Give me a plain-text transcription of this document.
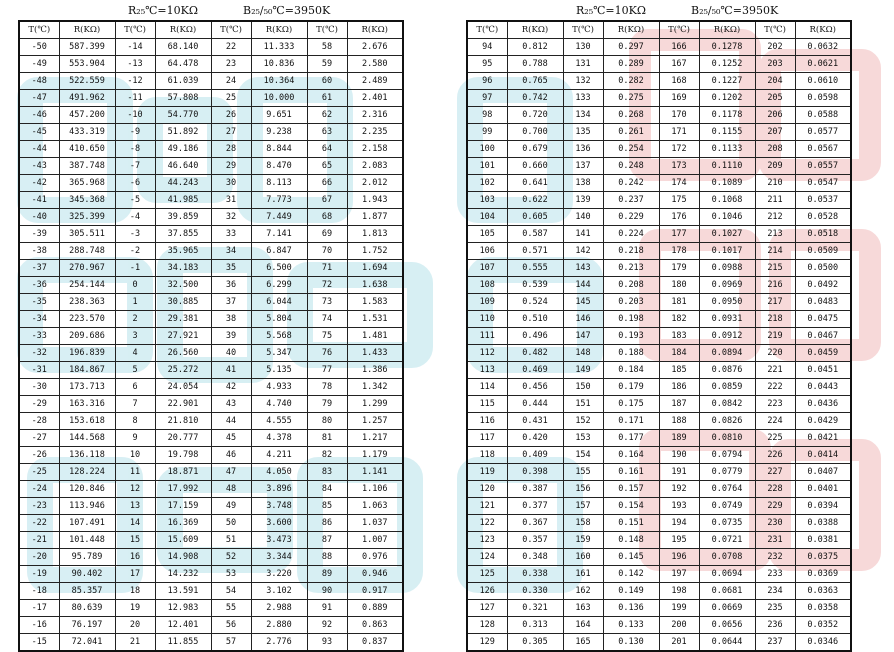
R₂₅℃=10KΩ	B₂₅/₅₀℃=3950K
T(℃)	R(KΩ)	T(℃)	R(KΩ)	T(℃)	R(KΩ)	T(℃)	R(KΩ)
-50	587.399	-14	68.140	22	11.333	58	2.676
-49	553.904	-13	64.478	23	10.836	59	2.580
-48	522.559	-12	61.039	24	10.364	60	2.489
-47	491.962	-11	57.808	25	10.000	61	2.401
-46	457.200	-10	54.770	26	9.651	62	2.316
-45	433.319	-9	51.892	27	9.238	63	2.235
-44	410.650	-8	49.186	28	8.844	64	2.158
-43	387.748	-7	46.640	29	8.470	65	2.083
-42	365.968	-6	44.243	30	8.113	66	2.012
-41	345.368	-5	41.985	31	7.773	67	1.943
-40	325.399	-4	39.859	32	7.449	68	1.877
-39	305.511	-3	37.855	33	7.141	69	1.813
-38	288.748	-2	35.965	34	6.847	70	1.752
-37	270.967	-1	34.183	35	6.500	71	1.694
-36	254.144	0	32.500	36	6.299	72	1.638
-35	238.363	1	30.885	37	6.044	73	1.583
-34	223.570	2	29.381	38	5.804	74	1.531
-33	209.686	3	27.921	39	5.568	75	1.481
-32	196.839	4	26.560	40	5.347	76	1.433
-31	184.867	5	25.272	41	5.135	77	1.386
-30	173.713	6	24.054	42	4.933	78	1.342
-29	163.316	7	22.901	43	4.740	79	1.299
-28	153.618	8	21.810	44	4.555	80	1.257
-27	144.568	9	20.777	45	4.378	81	1.217
-26	136.118	10	19.798	46	4.211	82	1.179
-25	128.224	11	18.871	47	4.050	83	1.141
-24	120.846	12	17.992	48	3.896	84	1.106
-23	113.946	13	17.159	49	3.748	85	1.063
-22	107.491	14	16.369	50	3.600	86	1.037
-21	101.448	15	15.609	51	3.473	87	1.007
-20	95.789	16	14.908	52	3.344	88	0.976
-19	90.402	17	14.232	53	3.220	89	0.946
-18	85.357	18	13.591	54	3.102	90	0.917
-17	80.639	19	12.983	55	2.988	91	0.889
-16	76.197	20	12.401	56	2.880	92	0.863
-15	72.041	21	11.855	57	2.776	93	0.837
R₂₅℃=10KΩ	B₂₅/₅₀℃=3950K
T(℃)	R(KΩ)	T(℃)	R(KΩ)	T(℃)	R(KΩ)	T(℃)	R(KΩ)
94	0.812	130	0.297	166	0.1278	202	0.0632
95	0.788	131	0.289	167	0.1252	203	0.0621
96	0.765	132	0.282	168	0.1227	204	0.0610
97	0.742	133	0.275	169	0.1202	205	0.0598
98	0.720	134	0.268	170	0.1178	206	0.0588
99	0.700	135	0.261	171	0.1155	207	0.0577
100	0.679	136	0.254	172	0.1133	208	0.0567
101	0.660	137	0.248	173	0.1110	209	0.0557
102	0.641	138	0.242	174	0.1089	210	0.0547
103	0.622	139	0.237	175	0.1068	211	0.0537
104	0.605	140	0.229	176	0.1046	212	0.0528
105	0.587	141	0.224	177	0.1027	213	0.0518
106	0.571	142	0.218	178	0.1017	214	0.0509
107	0.555	143	0.213	179	0.0988	215	0.0500
108	0.539	144	0.208	180	0.0969	216	0.0492
109	0.524	145	0.203	181	0.0950	217	0.0483
110	0.510	146	0.198	182	0.0931	218	0.0475
111	0.496	147	0.193	183	0.0912	219	0.0467
112	0.482	148	0.188	184	0.0894	220	0.0459
113	0.469	149	0.184	185	0.0876	221	0.0451
114	0.456	150	0.179	186	0.0859	222	0.0443
115	0.444	151	0.175	187	0.0842	223	0.0436
116	0.431	152	0.171	188	0.0826	224	0.0429
117	0.420	153	0.177	189	0.0810	225	0.0421
118	0.409	154	0.164	190	0.0794	226	0.0414
119	0.398	155	0.161	191	0.0779	227	0.0407
120	0.387	156	0.157	192	0.0764	228	0.0401
121	0.377	157	0.154	193	0.0749	229	0.0394
122	0.367	158	0.151	194	0.0735	230	0.0388
123	0.357	159	0.148	195	0.0721	231	0.0381
124	0.348	160	0.145	196	0.0708	232	0.0375
125	0.338	161	0.142	197	0.0694	233	0.0369
126	0.330	162	0.149	198	0.0681	234	0.0363
127	0.321	163	0.136	199	0.0669	235	0.0358
128	0.313	164	0.133	200	0.0656	236	0.0352
129	0.305	165	0.130	201	0.0644	237	0.0346
